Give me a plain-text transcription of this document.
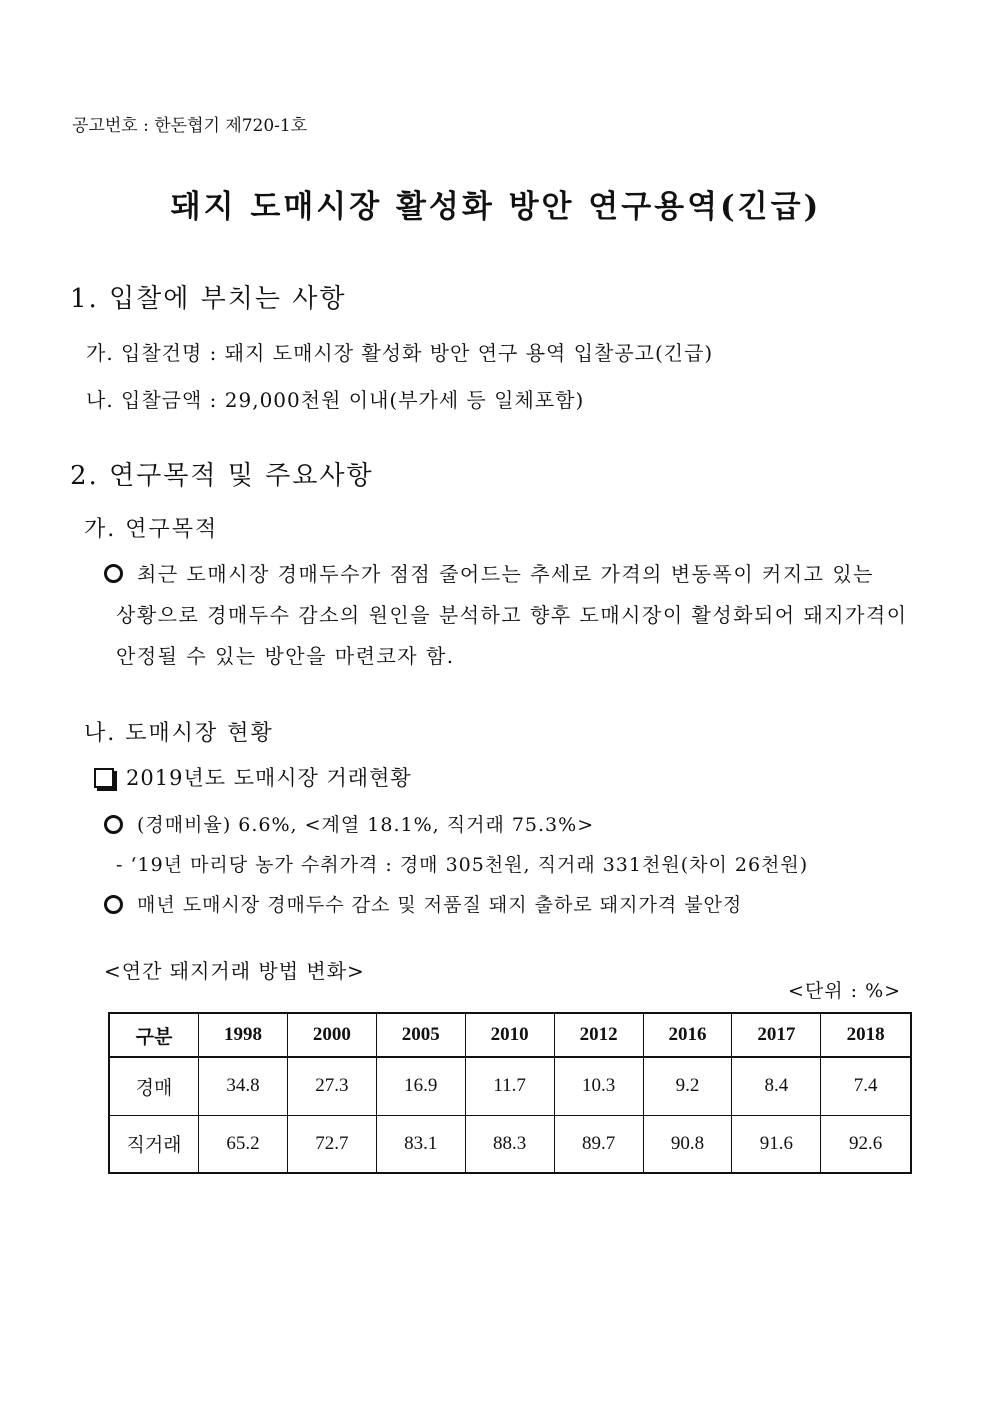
공고번호 : 한돈협기 제720-1호
돼지 도매시장 활성화 방안 연구용역(긴급)
1. 입찰에 부치는 사항
가. 입찰건명 : 돼지 도매시장 활성화 방안 연구 용역 입찰공고(긴급)
나. 입찰금액 : 29,000천원 이내(부가세 등 일체포함)
2. 연구목적 및 주요사항
가. 연구목적
최근 도매시장 경매두수가 점점 줄어드는 추세로 가격의 변동폭이 커지고 있는
상황으로 경매두수 감소의 원인을 분석하고 향후 도매시장이 활성화되어 돼지가격이
안정될 수 있는 방안을 마련코자 함.
나. 도매시장 현황
2019년도 도매시장 거래현황
(경매비율) 6.6%, <계열 18.1%, 직거래 75.3%>
- ‘19년 마리당 농가 수취가격 : 경매 305천원, 직거래 331천원(차이 26천원)
매년 도매시장 경매두수 감소 및 저품질 돼지 출하로 돼지가격 불안정
<연간 돼지거래 방법 변화>
<단위 : %>
구분	1998	2000	2005	2010	2012	2016	2017	2018
경매	34.8	27.3	16.9	11.7	10.3	9.2	8.4	7.4
직거래	65.2	72.7	83.1	88.3	89.7	90.8	91.6	92.6
